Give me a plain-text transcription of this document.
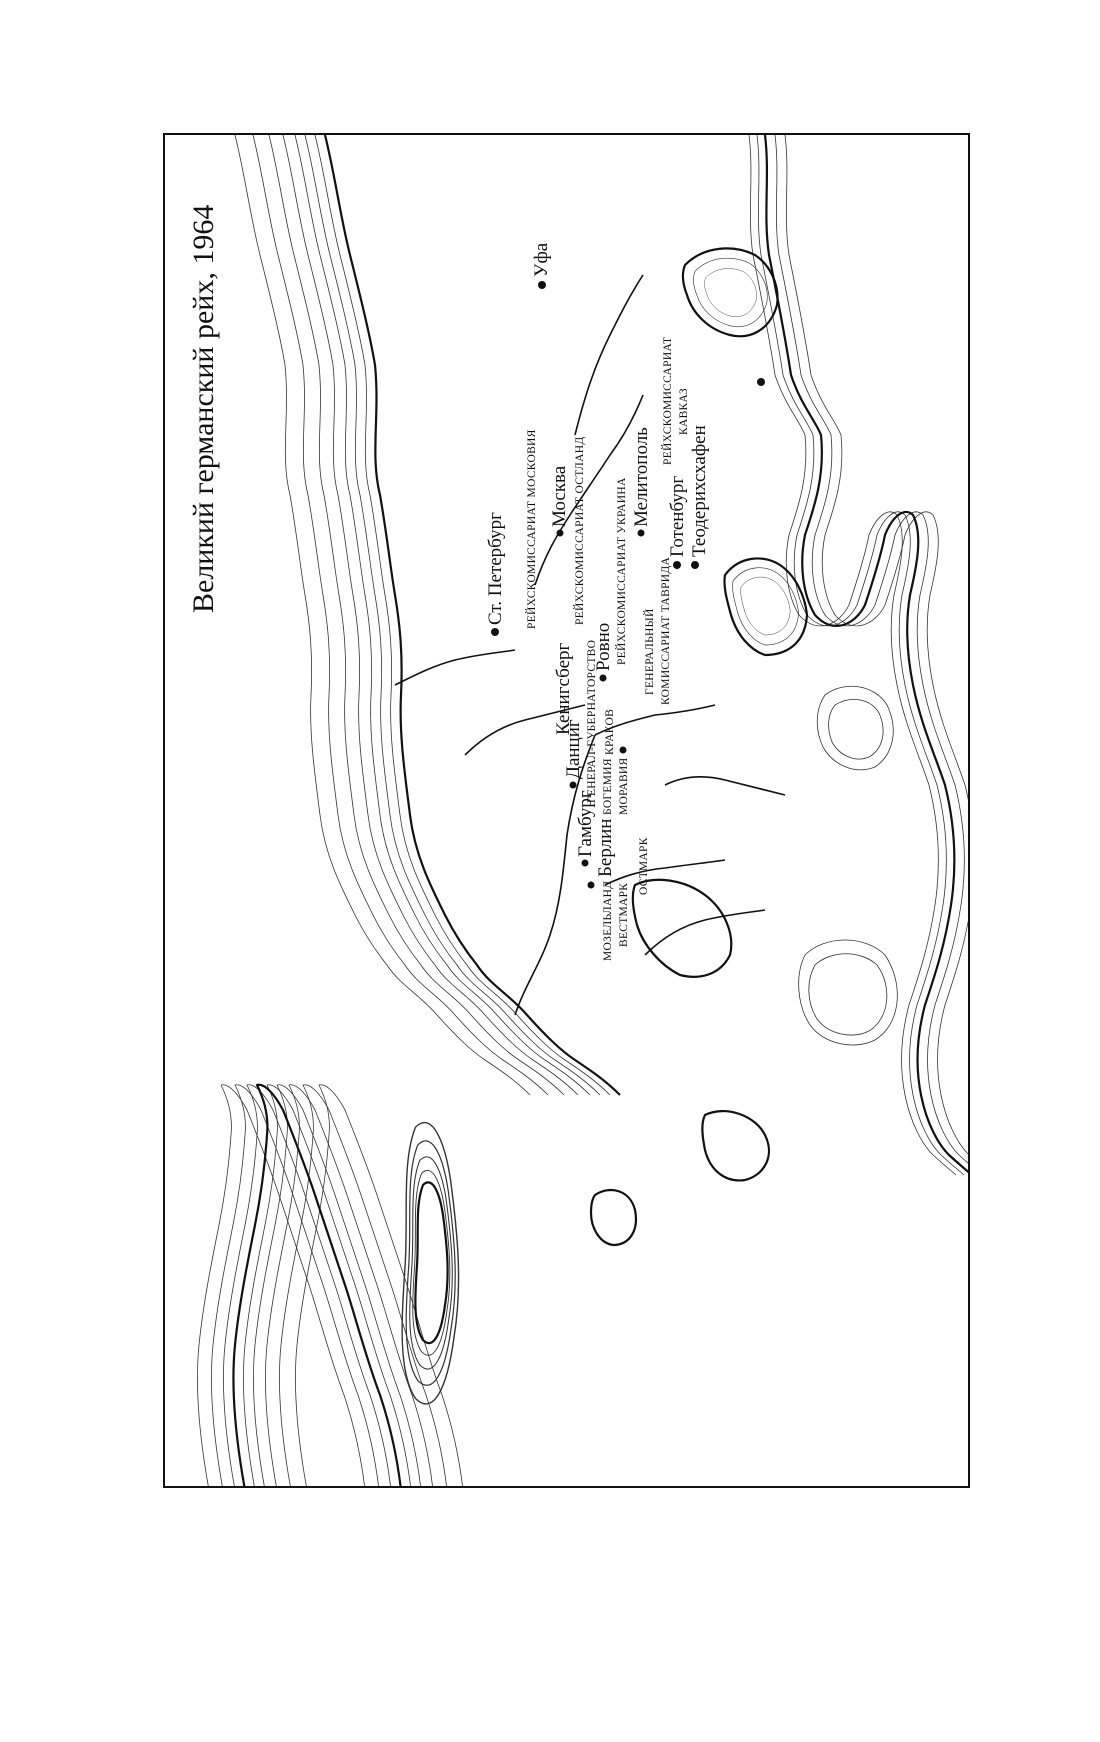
Великий германский рейх, 1964	Ст. Петербург
Москва
Уфа
Кенигсберг
Данциг
Гамбург Берлин
Ровно
Мелитополь Готенбург Теодерихсхафен
РЕЙХСКОМИССАРИАТ МОСКОВИЯ	РЕЙХСКОМИССАРИАТ ОСТЛАНД	РЕЙХСКОМИССАРИАТ УКРАИНА
РЕЙХСКОМИССАРИАТ КАВКАЗ
ГЕНЕРАЛ-ГУБЕРНАТОРСТВО КРАКОВ
БОГЕМИЯ МОРАВИЯ
ГЕНЕРАЛЬНЫЙ КОМИССАРИАТ ТАВРИДА
ОСТМАРК
МОЗЕЛЬЛАНД ВЕСТМАРК
